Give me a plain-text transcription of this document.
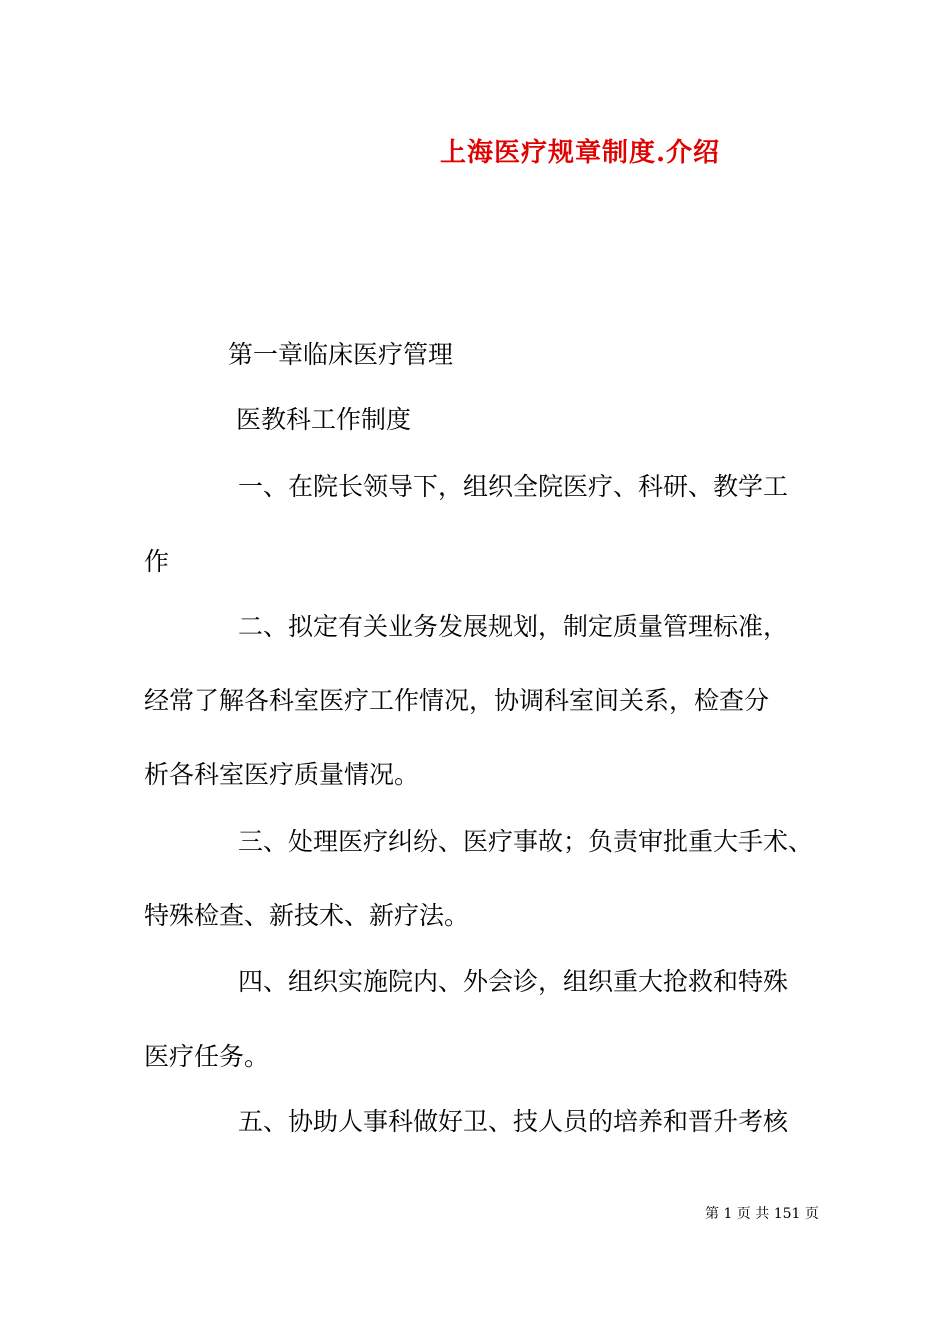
上海医疗规章制度.介绍
第一章临床医疗管理
医教科工作制度
一、在院长领导下，组织全院医疗、科研、教学工
作
二、拟定有关业务发展规划，制定质量管理标准，
经常了解各科室医疗工作情况，协调科室间关系，检查分
析各科室医疗质量情况。
三、处理医疗纠纷、医疗事故；负责审批重大手术、
特殊检查、新技术、新疗法。
四、组织实施院内、外会诊，组织重大抢救和特殊
医疗任务。
五、协助人事科做好卫、技人员的培养和晋升考核
第 1 页 共 151 页
